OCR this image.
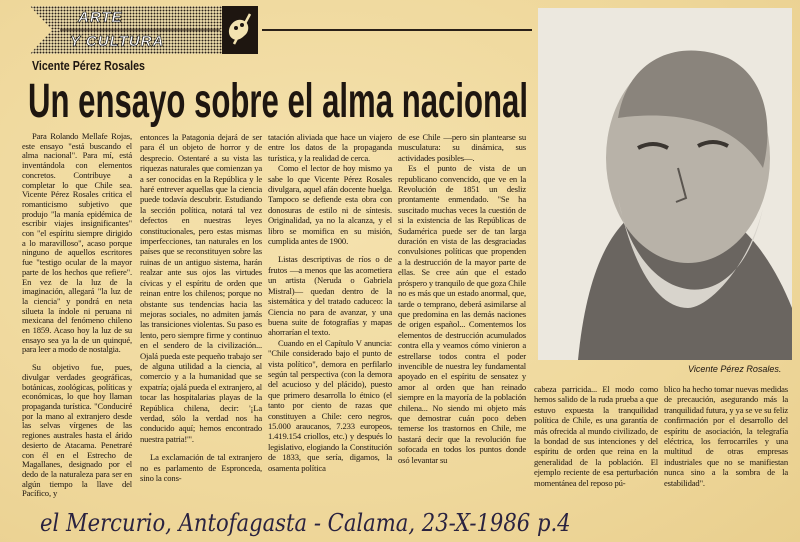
ARTE
Y CULTURA
Vicente Pérez Rosales
Un ensayo sobre el alma nacional

Para Rolando Mellafe Rojas, este ensayo "está buscando el alma nacional". Para mí, está inventándola con elementos concretos. Contribuye a completar lo que Chile sea. Vicente Pérez Rosales critica el romanticismo subjetivo que produjo "la manía epidémica de escribir viajes insignificantes" con "el espíritu siempre dirigido a lo maravilloso", acaso porque ninguno de aquellos escritores fue "testigo ocular de la mayor parte de los hechos que refiere". En vez de la luz de la imaginación, allegará "la luz de la ciencia" y pondrá en neta silueta la índole ni peruana ni mexicana del fenómeno chileno en 1859. Acaso hoy la luz de su ensayo sea ya la de un quinqué, para leer a modo de nostalgia.

Su objetivo fue, pues, divulgar verdades geográficas, botánicas, zoológicas, políticas y económicas, lo que hoy llaman propaganda turística. "Conduciré por la mano al extranjero desde las selvas vírgenes de las regiones australes hasta el árido desierto de Atacama. Penetraré con él en el Estrecho de Magallanes, designado por el dedo de la naturaleza para ser en algún tiempo la llave del Pacífico, y

entonces la Patagonia dejará de ser para él un objeto de horror y de desprecio. Ostentaré a su vista las riquezas naturales que comienzan ya a ser conocidas en la República y le haré entrever aquellas que la ciencia puede todavía descubrir. Estudiando la sección política, notará tal vez defectos en nuestras leyes constitucionales, pero estas mismas imperfecciones, tan naturales en los países que se reconstituyen sobre las ruinas de un antiguo sistema, harán realzar ante sus ojos las virtudes cívicas y el espíritu de orden que reinan entre los chilenos; porque no obstante sus tendencias hacia las mejoras sociales, no admiten jamás las transiciones violentas. Su paso es lento, pero siempre firme y continuo en el sendero de la civilización... Ojalá pueda este pequeño trabajo ser de alguna utilidad a la ciencia, al comercio y a la humanidad que se expatría; ojalá pueda el extranjero, al tocar las hospitalarias playas de la República chilena, decir: '¡La verdad, sólo la verdad nos ha conducido aquí; hemos encontrado nuestra patria!'".

La exclamación de tal extranjero no es parlamento de Espronceda, sino la cons-

tatación aliviada que hace un viajero entre los datos de la propaganda turística, y la realidad de cerca.

Como el lector de hoy mismo ya sabe lo que Vicente Pérez Rosales divulgara, aquel afán docente huelga. Tampoco se defiende esta obra con donosuras de estilo ni de síntesis. Originalidad, ya no la alcanza, y el libro se momifica en su misión, cumplida antes de 1900.

Listas descriptivas de ríos o de frutos —a menos que las acometiera un artista (Neruda o Gabriela Mistral)— quedan dentro de la sistemática y del tratado caduceo: la Ciencia no para de avanzar, y una buena suite de fotografías y mapas ahorrarían el texto.

Cuando en el Capítulo V anuncia: "Chile considerado bajo el punto de vista político", demora en perfilarlo según tal perspectiva (con la demora del acucioso y del plácido), puesto que primero desarrolla lo étnico (el tanto por ciento de razas que constituyen a Chile: cero negros, 15.000 araucanos, 7.233 europeos, 1.419.154 criollos, etc.) y después lo legislativo, elogiando la Constitución de 1833, que sería, digamos, la osamenta política

de ese Chile —pero sin plantearse su musculatura: su dinámica, sus actividades posibles—.

Es el punto de vista de un republicano convencido, que ve en la Revolución de 1851 un desliz prontamente enmendado. "Se ha suscitado muchas veces la cuestión de si la existencia de las Repúblicas de Sudamérica puede ser de tan larga duración en vista de las desgraciadas convulsiones políticas que propenden a la destrucción de la mayor parte de ellas. Se cree aún que el estado próspero y tranquilo de que goza Chile no es más que un estado anormal, que, tarde o temprano, deberá asimilarse al que predomina en las demás naciones de origen español... Comentemos los elementos de destrucción acumulados contra ella y veamos cómo vinieron a estrellarse todos contra el poder invencible de nuestra ley fundamental apoyado en el espíritu de sensatez y amor al orden que han reinado siempre en la mayoría de la población chilena... No siendo mi objeto más que demostrar cuán poco deben temerse los trastornos en Chile, me bastará decir que la revolución fue sofocada en todos los puntos donde osó levantar su

Vicente Pérez Rosales.

cabeza parricida... El modo como hemos salido de la ruda prueba a que estuvo expuesta la tranquilidad política de Chile, es una garantía de más ofrecida al mundo civilizado, de la bondad de sus intenciones y del espíritu de orden que reina en la generalidad de la población. El ejemplo reciente de esa perturbación momentánea del reposo pú-

blico ha hecho tomar nuevas medidas de precaución, asegurando más la tranquilidad futura, y ya se ve su feliz confirmación por el desarrollo del espíritu de asociación, la telegrafía eléctrica, los ferrocarriles y una multitud de otras empresas industriales que no se manifiestan nunca sino a la sombra de la estabilidad".

el Mercurio, Antofagasta - Calama, 23-X-1986 p.4
